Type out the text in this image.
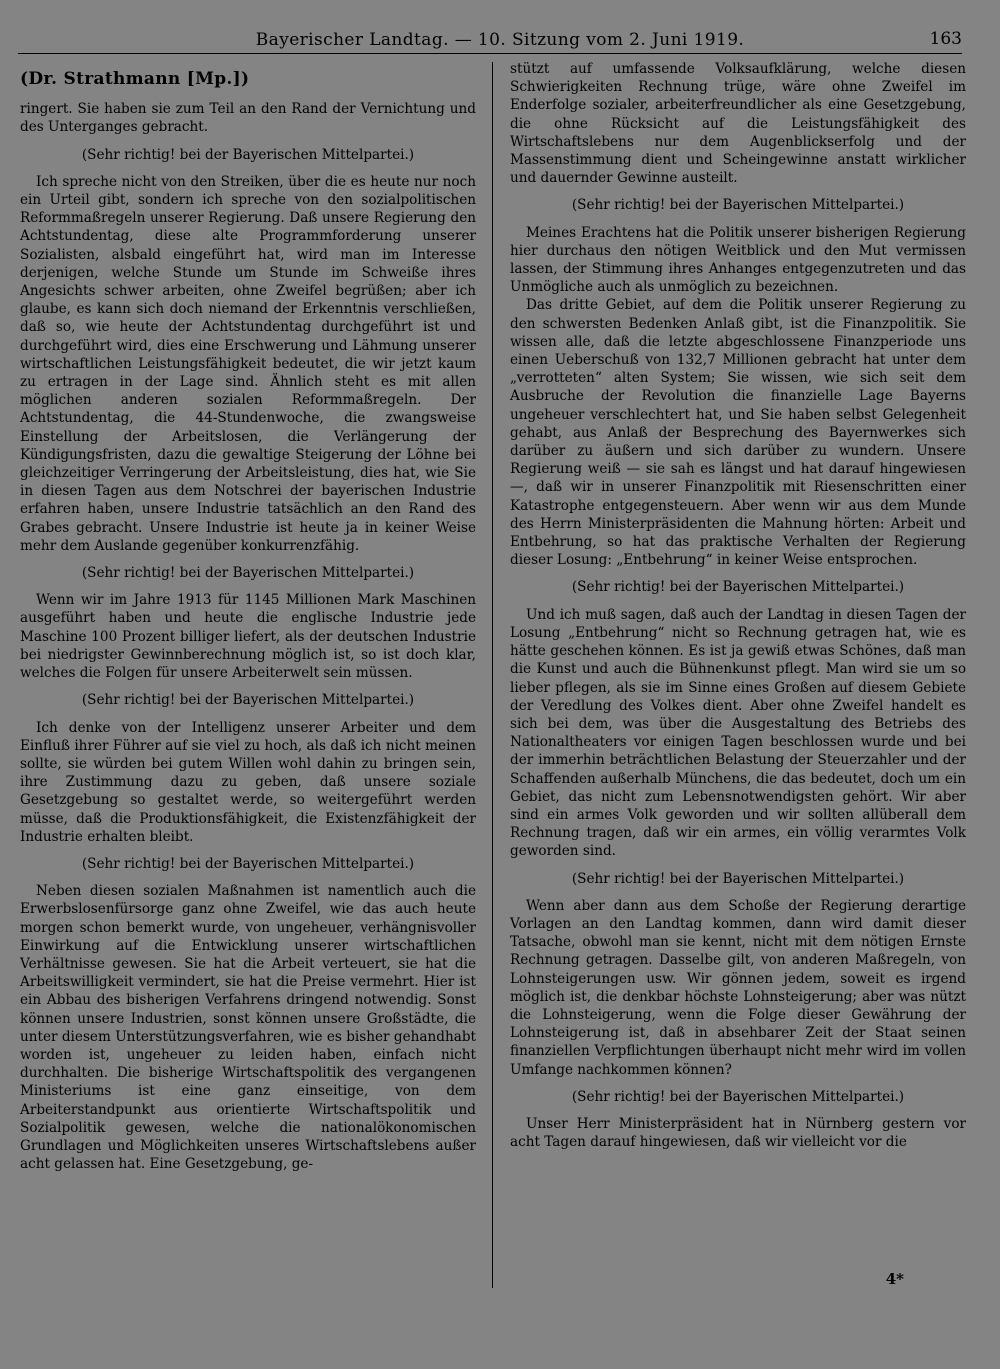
Bayerischer Landtag. — 10. Sitzung vom 2. Juni 1919.	163
(Dr. Strathmann [Mp.])

ringert. Sie haben sie zum Teil an den Rand der Vernichtung und des Unterganges gebracht.

(Sehr richtig! bei der Bayerischen Mittelpartei.)

Ich spreche nicht von den Streiken, über die es heute nur noch ein Urteil gibt, sondern ich spreche von den sozialpolitischen Reformmaßregeln unserer Regierung. Daß unsere Regierung den Achtstundentag, diese alte Programmforderung unserer Sozialisten, alsbald eingeführt hat, wird man im Interesse derjenigen, welche Stunde um Stunde im Schweiße ihres Angesichts schwer arbeiten, ohne Zweifel begrüßen; aber ich glaube, es kann sich doch niemand der Erkenntnis verschließen, daß so, wie heute der Achtstundentag durchgeführt ist und durchgeführt wird, dies eine Erschwerung und Lähmung unserer wirtschaftlichen Leistungsfähigkeit bedeutet, die wir jetzt kaum zu ertragen in der Lage sind. Ähnlich steht es mit allen möglichen anderen sozialen Reformmaßregeln. Der Achtstundentag, die 44-Stundenwoche, die zwangsweise Einstellung der Arbeitslosen, die Verlängerung der Kündigungsfristen, dazu die gewaltige Steigerung der Löhne bei gleichzeitiger Verringerung der Arbeitsleistung, dies hat, wie Sie in diesen Tagen aus dem Notschrei der bayerischen Industrie erfahren haben, unsere Industrie tatsächlich an den Rand des Grabes gebracht. Unsere Industrie ist heute ja in keiner Weise mehr dem Auslande gegenüber konkurrenzfähig.

(Sehr richtig! bei der Bayerischen Mittelpartei.)

Wenn wir im Jahre 1913 für 1145 Millionen Mark Maschinen ausgeführt haben und heute die englische Industrie jede Maschine 100 Prozent billiger liefert, als der deutschen Industrie bei niedrigster Gewinnberechnung möglich ist, so ist doch klar, welches die Folgen für unsere Arbeiterwelt sein müssen.

(Sehr richtig! bei der Bayerischen Mittelpartei.)

Ich denke von der Intelligenz unserer Arbeiter und dem Einfluß ihrer Führer auf sie viel zu hoch, als daß ich nicht meinen sollte, sie würden bei gutem Willen wohl dahin zu bringen sein, ihre Zustimmung dazu zu geben, daß unsere soziale Gesetzgebung so gestaltet werde, so weitergeführt werden müsse, daß die Produktionsfähigkeit, die Existenzfähigkeit der Industrie erhalten bleibt.

(Sehr richtig! bei der Bayerischen Mittelpartei.)

Neben diesen sozialen Maßnahmen ist namentlich auch die Erwerbslosenfürsorge ganz ohne Zweifel, wie das auch heute morgen schon bemerkt wurde, von ungeheuer, verhängnisvoller Einwirkung auf die Entwicklung unserer wirtschaftlichen Verhältnisse gewesen. Sie hat die Arbeit verteuert, sie hat die Arbeitswilligkeit vermindert, sie hat die Preise vermehrt. Hier ist ein Abbau des bisherigen Verfahrens dringend notwendig. Sonst können unsere Industrien, sonst können unsere Großstädte, die unter diesem Unterstützungsverfahren, wie es bisher gehandhabt worden ist, ungeheuer zu leiden haben, einfach nicht durchhalten. Die bisherige Wirtschaftspolitik des vergangenen Ministeriums ist eine ganz einseitige, von dem Arbeiterstandpunkt aus orientierte Wirtschaftspolitik und Sozialpolitik gewesen, welche die nationalökonomischen Grundlagen und Möglichkeiten unseres Wirtschaftslebens außer acht gelassen hat. Eine Gesetzgebung, ge-

stützt auf umfassende Volksaufklärung, welche diesen Schwierigkeiten Rechnung trüge, wäre ohne Zweifel im Enderfolge sozialer, arbeiterfreundlicher als eine Gesetzgebung, die ohne Rücksicht auf die Leistungsfähigkeit des Wirtschaftslebens nur dem Augenblickserfolg und der Massenstimmung dient und Scheingewinne anstatt wirklicher und dauernder Gewinne austeilt.

(Sehr richtig! bei der Bayerischen Mittelpartei.)

Meines Erachtens hat die Politik unserer bisherigen Regierung hier durchaus den nötigen Weitblick und den Mut vermissen lassen, der Stimmung ihres Anhanges entgegenzutreten und das Unmögliche auch als unmöglich zu bezeichnen.

Das dritte Gebiet, auf dem die Politik unserer Regierung zu den schwersten Bedenken Anlaß gibt, ist die Finanzpolitik. Sie wissen alle, daß die letzte abgeschlossene Finanzperiode uns einen Ueberschuß von 132,7 Millionen gebracht hat unter dem „verrotteten“ alten System; Sie wissen, wie sich seit dem Ausbruche der Revolution die finanzielle Lage Bayerns ungeheuer verschlechtert hat, und Sie haben selbst Gelegenheit gehabt, aus Anlaß der Besprechung des Bayernwerkes sich darüber zu äußern und sich darüber zu wundern. Unsere Regierung weiß — sie sah es längst und hat darauf hingewiesen —, daß wir in unserer Finanzpolitik mit Riesenschritten einer Katastrophe entgegensteuern. Aber wenn wir aus dem Munde des Herrn Ministerpräsidenten die Mahnung hörten: Arbeit und Entbehrung, so hat das praktische Verhalten der Regierung dieser Losung: „Entbehrung“ in keiner Weise entsprochen.

(Sehr richtig! bei der Bayerischen Mittelpartei.)

Und ich muß sagen, daß auch der Landtag in diesen Tagen der Losung „Entbehrung“ nicht so Rechnung getragen hat, wie es hätte geschehen können. Es ist ja gewiß etwas Schönes, daß man die Kunst und auch die Bühnenkunst pflegt. Man wird sie um so lieber pflegen, als sie im Sinne eines Großen auf diesem Gebiete der Veredlung des Volkes dient. Aber ohne Zweifel handelt es sich bei dem, was über die Ausgestaltung des Betriebs des Nationaltheaters vor einigen Tagen beschlossen wurde und bei der immerhin beträchtlichen Belastung der Steuerzahler und der Schaffenden außerhalb Münchens, die das bedeutet, doch um ein Gebiet, das nicht zum Lebensnotwendigsten gehört. Wir aber sind ein armes Volk geworden und wir sollten allüberall dem Rechnung tragen, daß wir ein armes, ein völlig verarmtes Volk geworden sind.

(Sehr richtig! bei der Bayerischen Mittelpartei.)

Wenn aber dann aus dem Schoße der Regierung derartige Vorlagen an den Landtag kommen, dann wird damit dieser Tatsache, obwohl man sie kennt, nicht mit dem nötigen Ernste Rechnung getragen. Dasselbe gilt, von anderen Maßregeln, von Lohnsteigerungen usw. Wir gönnen jedem, soweit es irgend möglich ist, die denkbar höchste Lohnsteigerung; aber was nützt die Lohnsteigerung, wenn die Folge dieser Gewährung der Lohnsteigerung ist, daß in absehbarer Zeit der Staat seinen finanziellen Verpflichtungen überhaupt nicht mehr wird im vollen Umfange nachkommen können?

(Sehr richtig! bei der Bayerischen Mittelpartei.)

Unser Herr Ministerpräsident hat in Nürnberg gestern vor acht Tagen darauf hingewiesen, daß wir vielleicht vor die

4*
